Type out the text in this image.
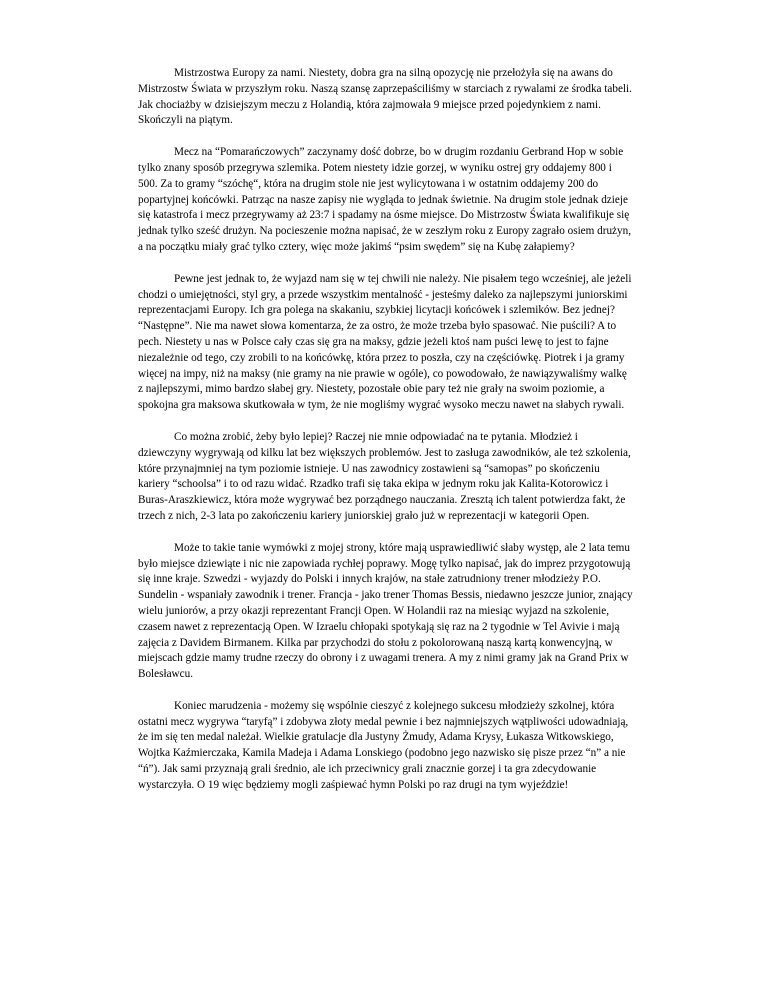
Mistrzostwa Europy za nami. Niestety, dobra gra na silną opozycję nie przełożyła się na awans do Mistrzostw Świata w przyszłym roku. Naszą szansę zaprzepaściliśmy w starciach z rywalami ze środka tabeli. Jak chociażby w dzisiejszym meczu z Holandią, która zajmowała 9 miejsce przed pojedynkiem z nami. Skończyli na piątym.

Mecz na “Pomarańczowych” zaczynamy dość dobrze, bo w drugim rozdaniu Gerbrand Hop w sobie tylko znany sposób przegrywa szlemika. Potem niestety idzie gorzej, w wyniku ostrej gry oddajemy 800 i 500. Za to gramy “szóchę“, która na drugim stole nie jest wylicytowana i w ostatnim oddajemy 200 do popartyjnej końcówki. Patrząc na nasze zapisy nie wygląda to jednak świetnie. Na drugim stole jednak dzieje się katastrofa i mecz przegrywamy aż 23:7 i spadamy na ósme miejsce. Do Mistrzostw Świata kwalifikuje się jednak tylko sześć drużyn. Na pocieszenie można napisać, że w zeszłym roku z Europy zagrało osiem drużyn, a na początku miały grać tylko cztery, więc może jakimś “psim swędem” się na Kubę załapiemy?

Pewne jest jednak to, że wyjazd nam się w tej chwili nie należy. Nie pisałem tego wcześniej, ale jeżeli chodzi o umiejętności, styl gry, a przede wszystkim mentalność - jesteśmy daleko za najlepszymi juniorskimi reprezentacjami Europy. Ich gra polega na skakaniu, szybkiej licytacji końcówek i szlemików. Bez jednej? “Następne”. Nie ma nawet słowa komentarza, że za ostro, że może trzeba było spasować. Nie puścili? A to pech. Niestety u nas w Polsce cały czas się gra na maksy, gdzie jeżeli ktoś nam puści lewę to jest to fajne niezależnie od tego, czy zrobili to na końcówkę, która przez to poszła, czy na częściówkę. Piotrek i ja gramy więcej na impy, niż na maksy (nie gramy na nie prawie w ogóle), co powodowało, że nawiązywaliśmy walkę z najlepszymi, mimo bardzo słabej gry. Niestety, pozostałe obie pary też nie grały na swoim poziomie, a spokojna gra maksowa skutkowała w tym, że nie mogliśmy wygrać wysoko meczu nawet na słabych rywali.

Co można zrobić, żeby było lepiej? Raczej nie mnie odpowiadać na te pytania. Młodzież i dziewczyny wygrywają od kilku lat bez większych problemów. Jest to zasługa zawodników, ale też szkolenia, które przynajmniej na tym poziomie istnieje. U nas zawodnicy zostawieni są “samopas” po skończeniu kariery “schoolsa” i to od razu widać. Rzadko trafi się taka ekipa w jednym roku jak Kalita-Kotorowicz i Buras-Araszkiewicz, która może wygrywać bez porządnego nauczania. Zresztą ich talent potwierdza fakt, że trzech z nich, 2-3 lata po zakończeniu kariery juniorskiej grało już w reprezentacji w kategorii Open.

Może to takie tanie wymówki z mojej strony, które mają usprawiedliwić słaby występ, ale 2 lata temu było miejsce dziewiąte i nic nie zapowiada rychłej poprawy. Mogę tylko napisać, jak do imprez przygotowują się inne kraje. Szwedzi - wyjazdy do Polski i innych krajów, na stałe zatrudniony trener młodzieży P.O. Sundelin - wspaniały zawodnik i trener. Francja - jako trener Thomas Bessis, niedawno jeszcze junior, znający wielu juniorów, a przy okazji reprezentant Francji Open. W Holandii raz na miesiąc wyjazd na szkolenie, czasem nawet z reprezentacją Open. W Izraelu chłopaki spotykają się raz na 2 tygodnie w Tel Avivie i mają zajęcia z Davidem Birmanem. Kilka par przychodzi do stołu z pokolorowaną naszą kartą konwencyjną, w miejscach gdzie mamy trudne rzeczy do obrony i z uwagami trenera. A my z nimi gramy jak na Grand Prix w Bolesławcu.

Koniec marudzenia - możemy się wspólnie cieszyć z kolejnego sukcesu młodzieży szkolnej, która ostatni mecz wygrywa “taryfą” i zdobywa złoty medal pewnie i bez najmniejszych wątpliwości udowadniają, że im się ten medal należał. Wielkie gratulacje dla Justyny Żmudy, Adama Krysy, Łukasza Witkowskiego, Wojtka Kaźmierczaka, Kamila Madeja i Adama Lonskiego (podobno jego nazwisko się pisze przez “n” a nie “ń”). Jak sami przyznają grali średnio, ale ich przeciwnicy grali znacznie gorzej i ta gra zdecydowanie wystarczyła. O 19 więc będziemy mogli zaśpiewać hymn Polski po raz drugi na tym wyjeździe!
